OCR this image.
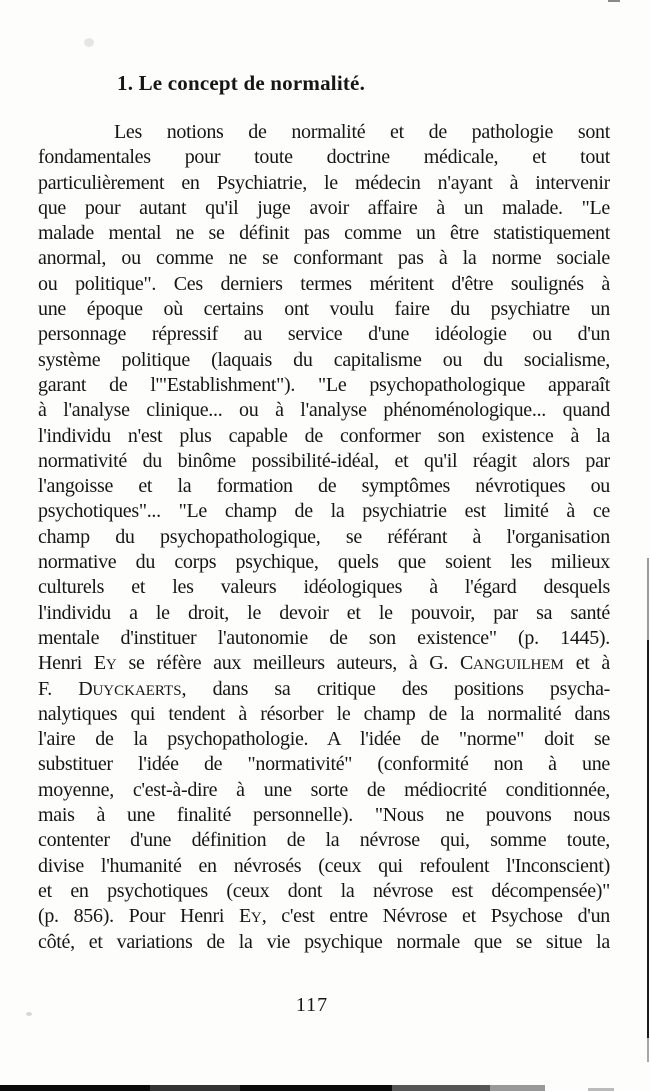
1. Le concept de normalité.
Les notions de normalité et de pathologie sont
fondamentales pour toute doctrine médicale, et tout
particulièrement en Psychiatrie, le médecin n'ayant à intervenir
que pour autant qu'il juge avoir affaire à un malade. "Le
malade mental ne se définit pas comme un être statistiquement
anormal, ou comme ne se conformant pas à la norme sociale
ou politique". Ces derniers termes méritent d'être soulignés à
une époque où certains ont voulu faire du psychiatre un
personnage répressif au service d'une idéologie ou d'un
système politique (laquais du capitalisme ou du socialisme,
garant de l'"Establishment"). "Le psychopathologique apparaît
à l'analyse clinique... ou à l'analyse phénoménologique... quand
l'individu n'est plus capable de conformer son existence à la
normativité du binôme possibilité-idéal, et qu'il réagit alors par
l'angoisse et la formation de symptômes névrotiques ou
psychotiques"... "Le champ de la psychiatrie est limité à ce
champ du psychopathologique, se référant à l'organisation
normative du corps psychique, quels que soient les milieux
culturels et les valeurs idéologiques à l'égard desquels
l'individu a le droit, le devoir et le pouvoir, par sa santé
mentale d'instituer l'autonomie de son existence" (p. 1445).
Henri EY se réfère aux meilleurs auteurs, à G. CANGUILHEM et à
F. DUYCKAERTS, dans sa critique des positions psycha-
nalytiques qui tendent à résorber le champ de la normalité dans
l'aire de la psychopathologie. A l'idée de "norme" doit se
substituer l'idée de "normativité" (conformité non à une
moyenne, c'est-à-dire à une sorte de médiocrité conditionnée,
mais à une finalité personnelle). "Nous ne pouvons nous
contenter d'une définition de la névrose qui, somme toute,
divise l'humanité en névrosés (ceux qui refoulent l'Inconscient)
et en psychotiques (ceux dont la névrose est décompensée)"
(p. 856). Pour Henri EY, c'est entre Névrose et Psychose d'un
côté, et variations de la vie psychique normale que se situe la
117
